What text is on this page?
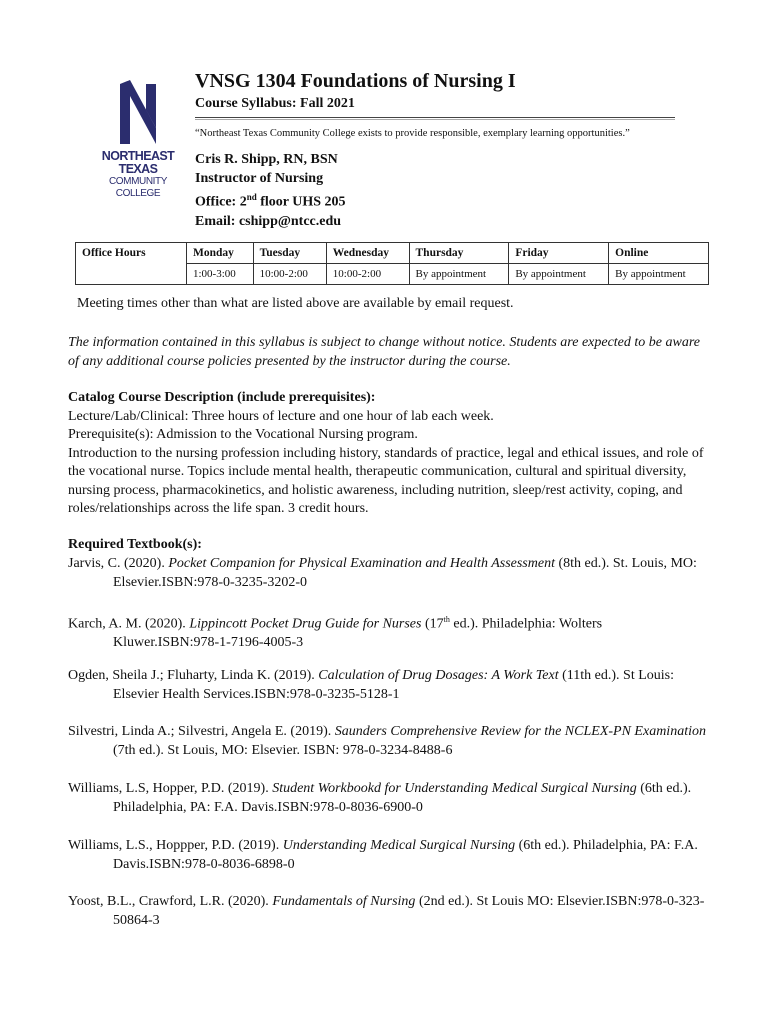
NORTHEAST TEXAS
COMMUNITY COLLEGE
VNSG 1304 Foundations of Nursing I
Course Syllabus: Fall 2021
“Northeast Texas Community College exists to provide responsible, exemplary learning opportunities.”
Cris R. Shipp, RN, BSN
Instructor of Nursing
Office: 2nd floor UHS 205
Email: cshipp@ntcc.edu
Office Hours	Monday	Tuesday	Wednesday	Thursday	Friday	Online
	1:00-3:00	10:00-2:00	10:00-2:00	By appointment	By appointment	By appointment
Meeting times other than what are listed above are available by email request.
The information contained in this syllabus is subject to change without notice. Students are expected to be aware of any additional course policies presented by the instructor during the course.
Catalog Course Description (include prerequisites):

Lecture/Lab/Clinical: Three hours of lecture and one hour of lab each week.

Prerequisite(s): Admission to the Vocational Nursing program.

Introduction to the nursing profession including history, standards of practice, legal and ethical issues, and role of the vocational nurse. Topics include mental health, therapeutic communication, cultural and spiritual diversity, nursing process, pharmacokinetics, and holistic awareness, including nutrition, sleep/rest activity, coping, and roles/relationships across the life span. 3 credit hours.

Required Textbook(s):
Jarvis, C. (2020). Pocket Companion for Physical Examination and Health Assessment (8th ed.). St. Louis, MO: Elsevier.ISBN:978-0-3235-3202-0
Karch, A. M. (2020). Lippincott Pocket Drug Guide for Nurses (17th ed.). Philadelphia: Wolters Kluwer.ISBN:978-1-7196-4005-3
Ogden, Sheila J.; Fluharty, Linda K. (2019). Calculation of Drug Dosages: A Work Text (11th ed.). St Louis: Elsevier Health Services.ISBN:978-0-3235-5128-1
Silvestri, Linda A.; Silvestri, Angela E. (2019). Saunders Comprehensive Review for the NCLEX-PN Examination (7th ed.). St Louis, MO: Elsevier. ISBN: 978-0-3234-8488-6
Williams, L.S, Hopper, P.D. (2019). Student Workbookd for Understanding Medical Surgical Nursing (6th ed.). Philadelphia, PA: F.A. Davis.ISBN:978-0-8036-6900-0
Williams, L.S., Hoppper, P.D. (2019). Understanding Medical Surgical Nursing (6th ed.). Philadelphia, PA: F.A. Davis.ISBN:978-0-8036-6898-0
Yoost, B.L., Crawford, L.R. (2020). Fundamentals of Nursing (2nd ed.). St Louis MO: Elsevier.ISBN:978-0-323-50864-3
